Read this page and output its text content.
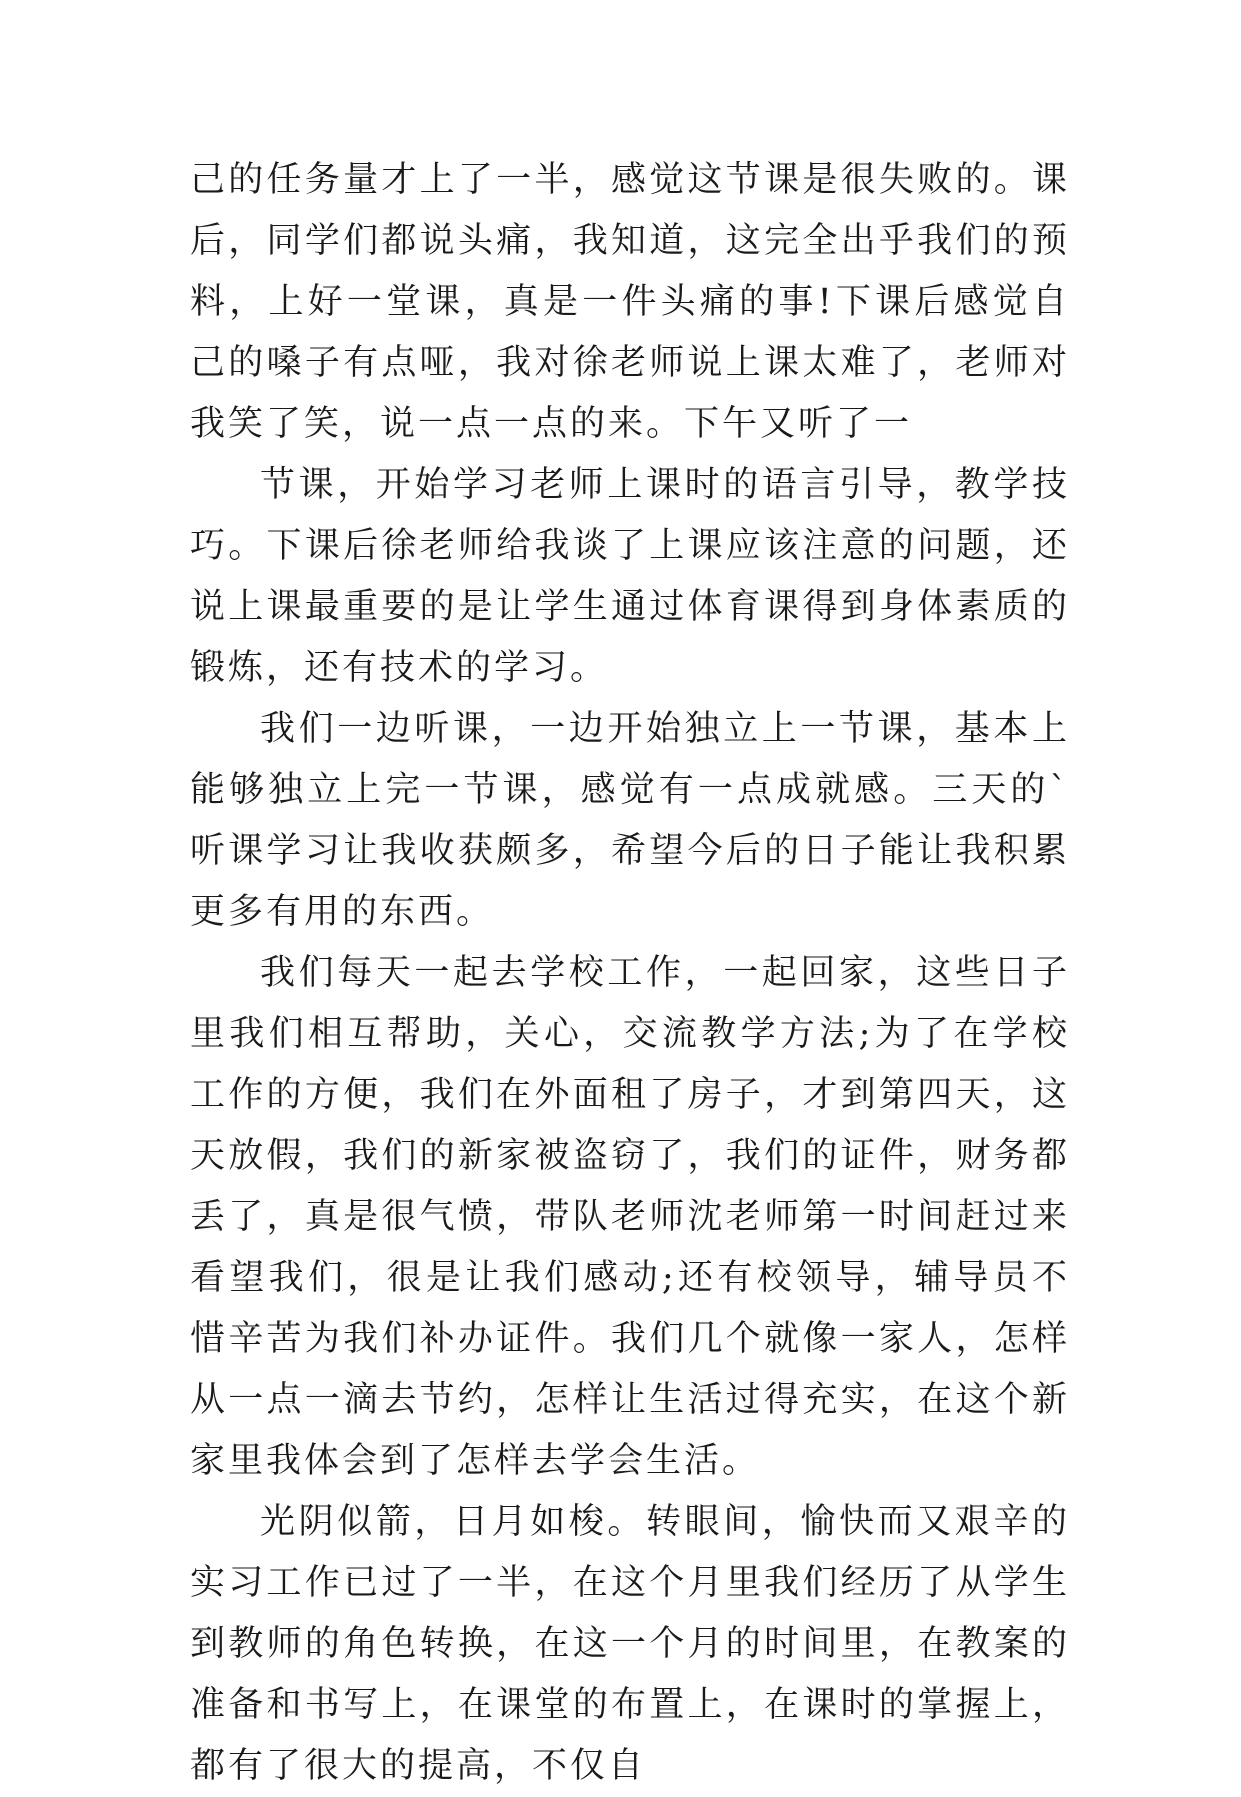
己的任务量才上了一半，感觉这节课是很失败的。课后，同学们都说头痛，我知道，这完全出乎我们的预料，上好一堂课，真是一件头痛的事!下课后感觉自己的嗓子有点哑，我对徐老师说上课太难了，老师对我笑了笑，说一点一点的来。下午又听了一

节课，开始学习老师上课时的语言引导，教学技巧。下课后徐老师给我谈了上课应该注意的问题，还说上课最重要的是让学生通过体育课得到身体素质的锻炼，还有技术的学习。

我们一边听课，一边开始独立上一节课，基本上能够独立上完一节课，感觉有一点成就感。三天的`听课学习让我收获颇多，希望今后的日子能让我积累更多有用的东西。

我们每天一起去学校工作，一起回家，这些日子里我们相互帮助，关心，交流教学方法;为了在学校工作的方便，我们在外面租了房子，才到第四天，这天放假，我们的新家被盗窃了，我们的证件，财务都丢了，真是很气愤，带队老师沈老师第一时间赶过来看望我们，很是让我们感动;还有校领导，辅导员不惜辛苦为我们补办证件。我们几个就像一家人，怎样从一点一滴去节约，怎样让生活过得充实，在这个新家里我体会到了怎样去学会生活。

光阴似箭，日月如梭。转眼间，愉快而又艰辛的实习工作已过了一半，在这个月里我们经历了从学生到教师的角色转换，在这一个月的时间里，在教案的准备和书写上，在课堂的布置上，在课时的掌握上，都有了很大的提高，不仅自
